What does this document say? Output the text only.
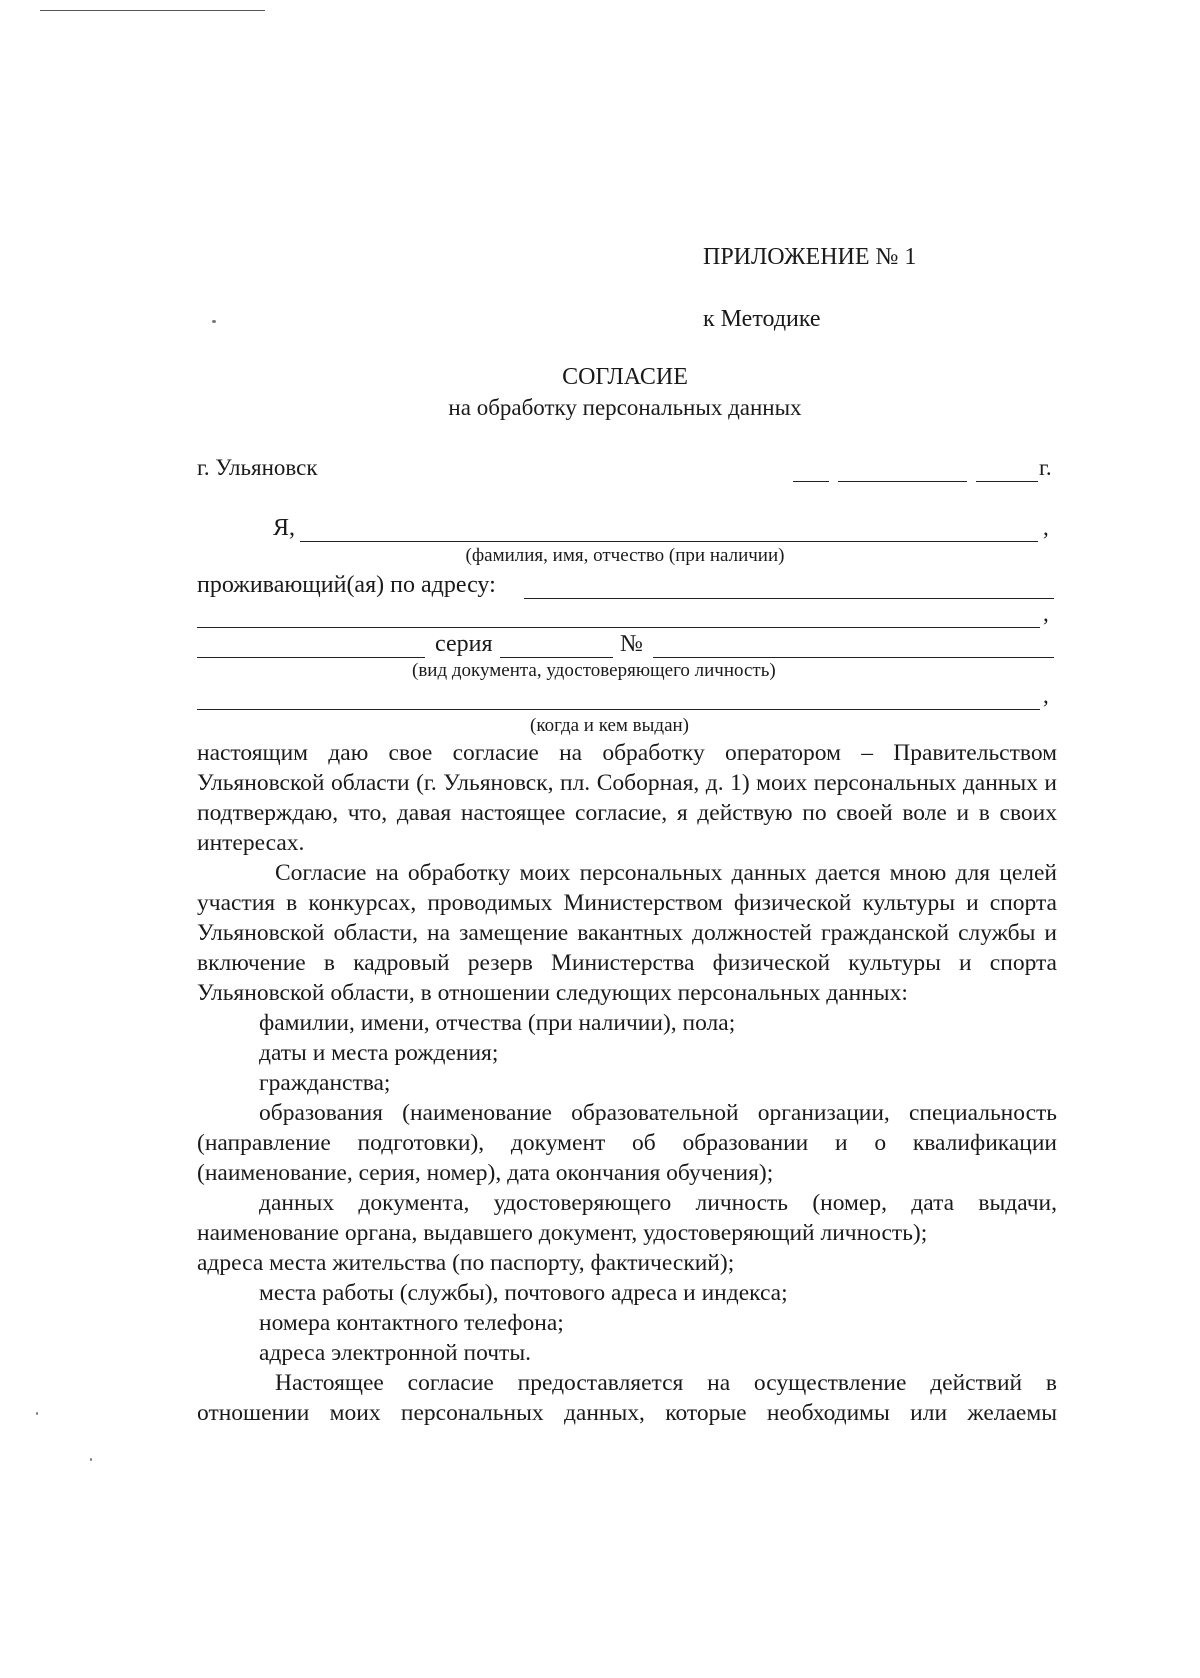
ПРИЛОЖЕНИЕ № 1
к Методике
СОГЛАСИЕ
на обработку персональных данных
г. Ульяновск	г.
Я,	,
(фамилия, имя, отчество (при наличии)
проживающий(ая) по адресу:
,
серия	№
(вид документа, удостоверяющего личность)
,
(когда и кем выдан)

настоящим даю свое согласие на обработку оператором – Правительством Ульяновской области (г. Ульяновск, пл. Соборная, д. 1) моих персональных данных и подтверждаю, что, давая настоящее согласие, я действую по своей воле и в своих интересах.

Согласие на обработку моих персональных данных дается мною для целей участия в конкурсах, проводимых Министерством физической культуры и спорта Ульяновской области, на замещение вакантных должностей гражданской службы и включение в кадровый резерв Министерства физической культуры и спорта Ульяновской области, в отношении следующих персональных данных:

фамилии, имени, отчества (при наличии), пола;

даты и места рождения;

гражданства;

образования (наименование образовательной организации, специальность (направление подготовки), документ об образовании и о квалификации (наименование, серия, номер), дата окончания обучения);

данных документа, удостоверяющего личность (номер, дата выдачи, наименование органа, выдавшего документ, удостоверяющий личность);

адреса места жительства (по паспорту, фактический);

места работы (службы), почтового адреса и индекса;

номера контактного телефона;

адреса электронной почты.

Настоящее согласие предоставляется на осуществление действий в отношении моих персональных данных, которые необходимы или желаемы
